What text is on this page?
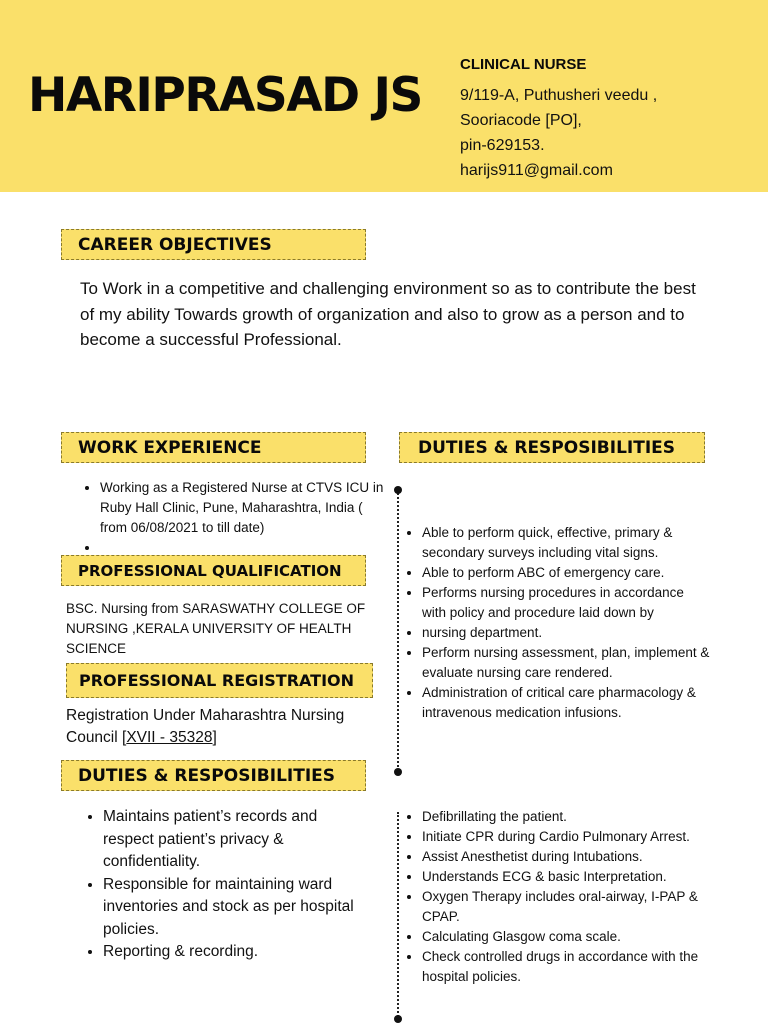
HARIPRASAD JS
CLINICAL NURSE
9/119-A, Puthusheri veedu ,
Sooriacode [PO],
pin-629153.
harijs911@gmail.com
CAREER OBJECTIVES
To Work in a competitive and challenging environment so as to contribute the best of my ability Towards growth of organization and also to grow as a person and to become a successful Professional.
WORK EXPERIENCE
• Working as a Registered Nurse at CTVS ICU in Ruby Hall Clinic, Pune, Maharashtra, India ( from 06/08/2021 to till date)
•
PROFESSIONAL QUALIFICATION
BSC. Nursing from SARASWATHY COLLEGE OF NURSING ,KERALA UNIVERSITY OF HEALTH SCIENCE
PROFESSIONAL REGISTRATION
Registration Under Maharashtra Nursing Council [XVII - 35328]
DUTIES & RESPOSIBILITIES
• Maintains patient’s records and respect patient’s privacy & confidentiality.
• Responsible for maintaining ward inventories and stock as per hospital policies.
• Reporting & recording.
DUTIES & RESPOSIBILITIES
• Able to perform quick, effective, primary & secondary surveys including vital signs.
• Able to perform ABC of emergency care.
• Performs nursing procedures in accordance with policy and procedure laid down by
• nursing department.
• Perform nursing assessment, plan, implement & evaluate nursing care rendered.
• Administration of critical care pharmacology & intravenous medication infusions.
• Defibrillating the patient.
• Initiate CPR during Cardio Pulmonary Arrest.
• Assist Anesthetist during Intubations.
• Understands ECG & basic Interpretation.
• Oxygen Therapy includes oral-airway, I-PAP & CPAP.
• Calculating Glasgow coma scale.
• Check controlled drugs in accordance with the hospital policies.
